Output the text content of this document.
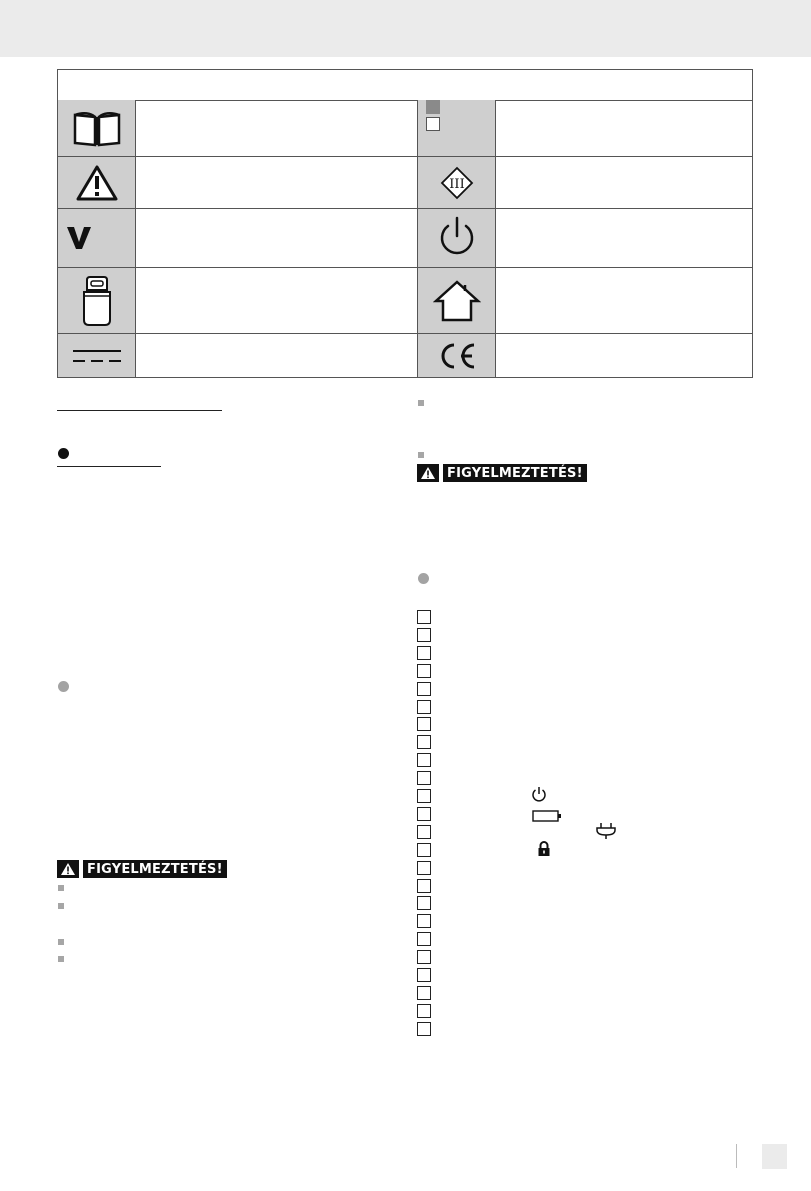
III
FIGYELMEZTETÉS!
FIGYELMEZTETÉS!
